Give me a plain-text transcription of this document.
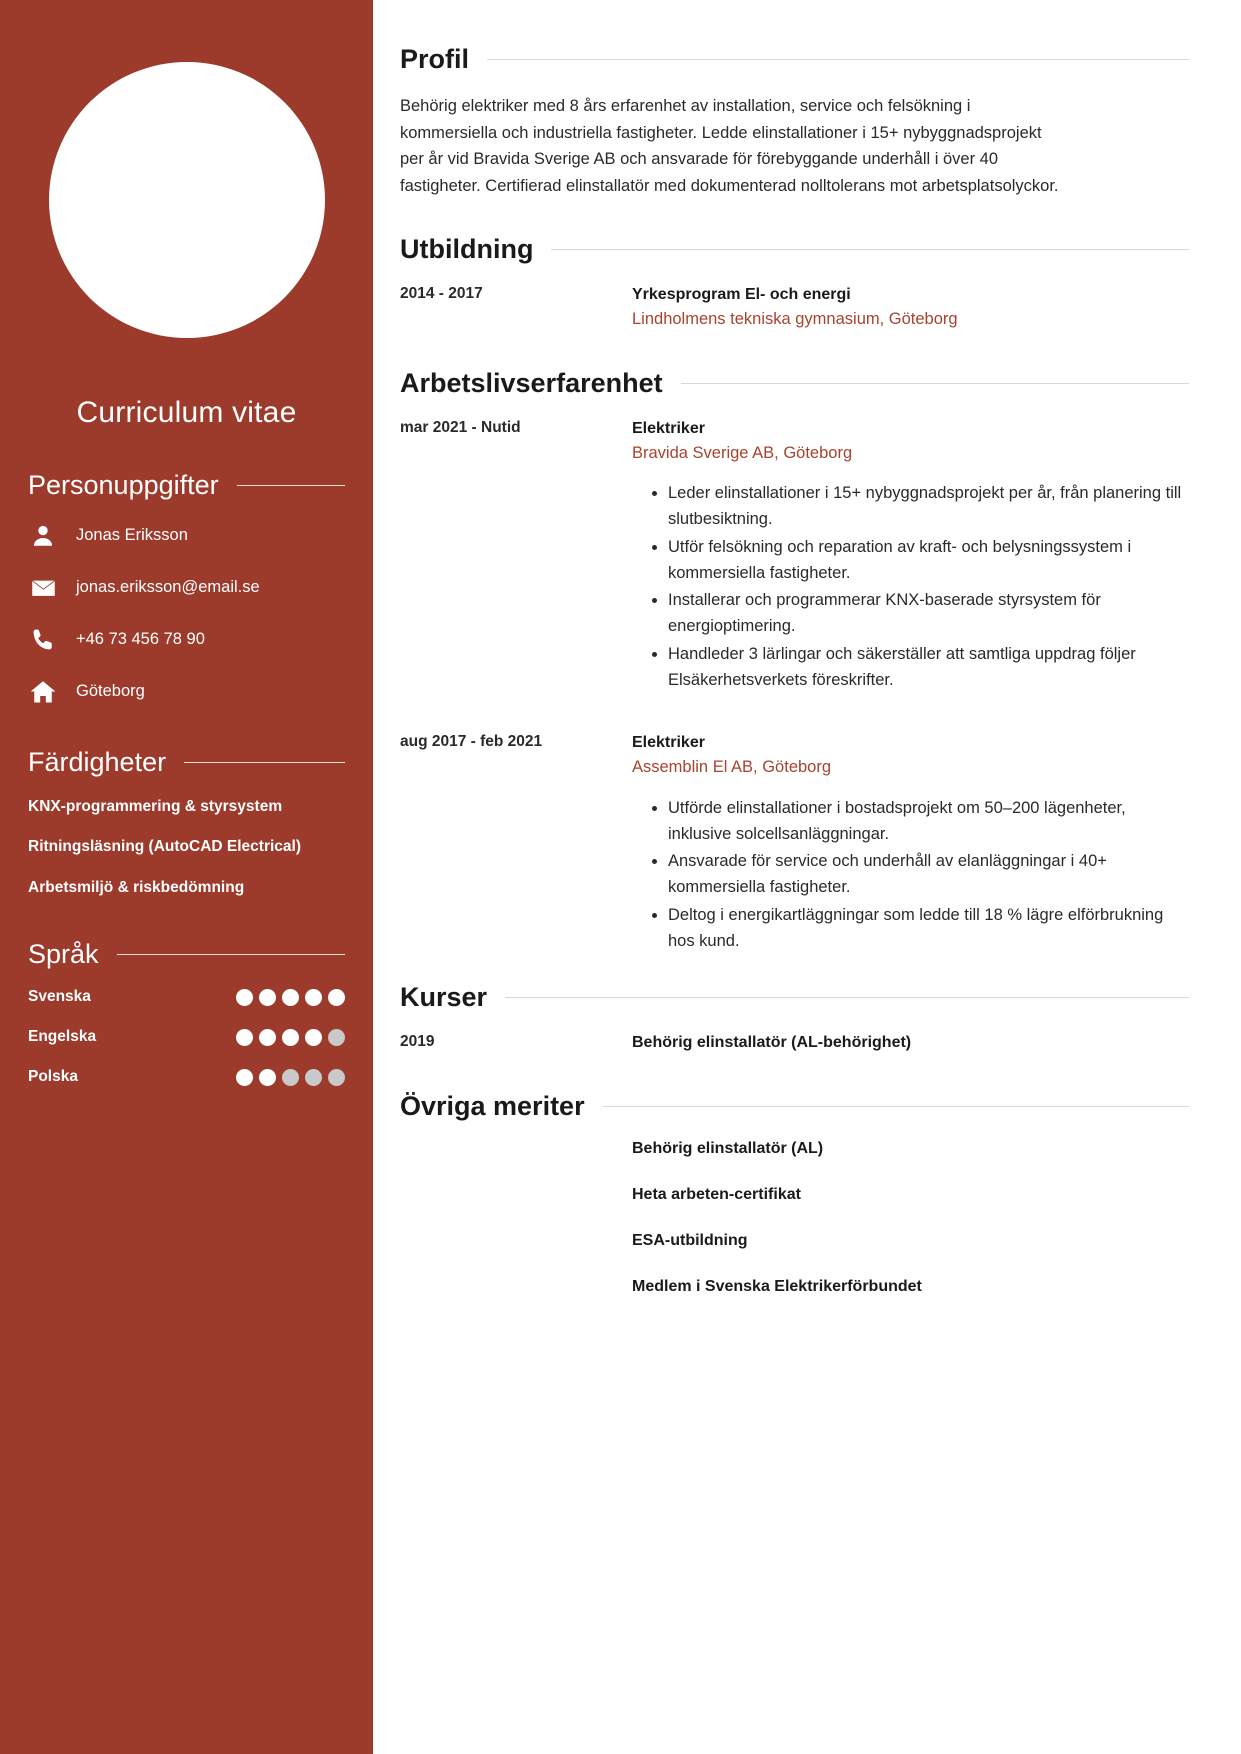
Curriculum vitae
Personuppgifter
Jonas Eriksson
jonas.eriksson@email.se
+46 73 456 78 90
Göteborg
Färdigheter
KNX-programmering & styrsystem
Ritningsläsning (AutoCAD Electrical)
Arbetsmiljö & riskbedömning
Språk
Svenska
Engelska
Polska
Profil

Behörig elektriker med 8 års erfarenhet av installation, service och felsökning i kommersiella och industriella fastigheter. Ledde elinstallationer i 15+ nybyggnadsprojekt per år vid Bravida Sverige AB och ansvarade för förebyggande underhåll i över 40 fastigheter. Certifierad elinstallatör med dokumenterad nolltolerans mot arbetsplatsolyckor.

Utbildning
2014 - 2017	Yrkesprogram El- och energi
Lindholmens tekniska gymnasium, Göteborg
Arbetslivserfarenhet
mar 2021 - Nutid	Elektriker
Bravida Sverige AB, Göteborg
• Leder elinstallationer i 15+ nybyggnadsprojekt per år, från planering till slutbesiktning.
• Utför felsökning och reparation av kraft- och belysningssystem i kommersiella fastigheter.
• Installerar och programmerar KNX-baserade styrsystem för energioptimering.
• Handleder 3 lärlingar och säkerställer att samtliga uppdrag följer Elsäkerhetsverkets föreskrifter.
aug 2017 - feb 2021	Elektriker
Assemblin El AB, Göteborg
• Utförde elinstallationer i bostadsprojekt om 50–200 lägenheter, inklusive solcellsanläggningar.
• Ansvarade för service och underhåll av elanläggningar i 40+ kommersiella fastigheter.
• Deltog i energikartläggningar som ledde till 18 % lägre elförbrukning hos kund.
Kurser
2019	Behörig elinstallatör (AL-behörighet)
Övriga meriter
Behörig elinstallatör (AL)
Heta arbeten-certifikat
ESA-utbildning
Medlem i Svenska Elektrikerförbundet
